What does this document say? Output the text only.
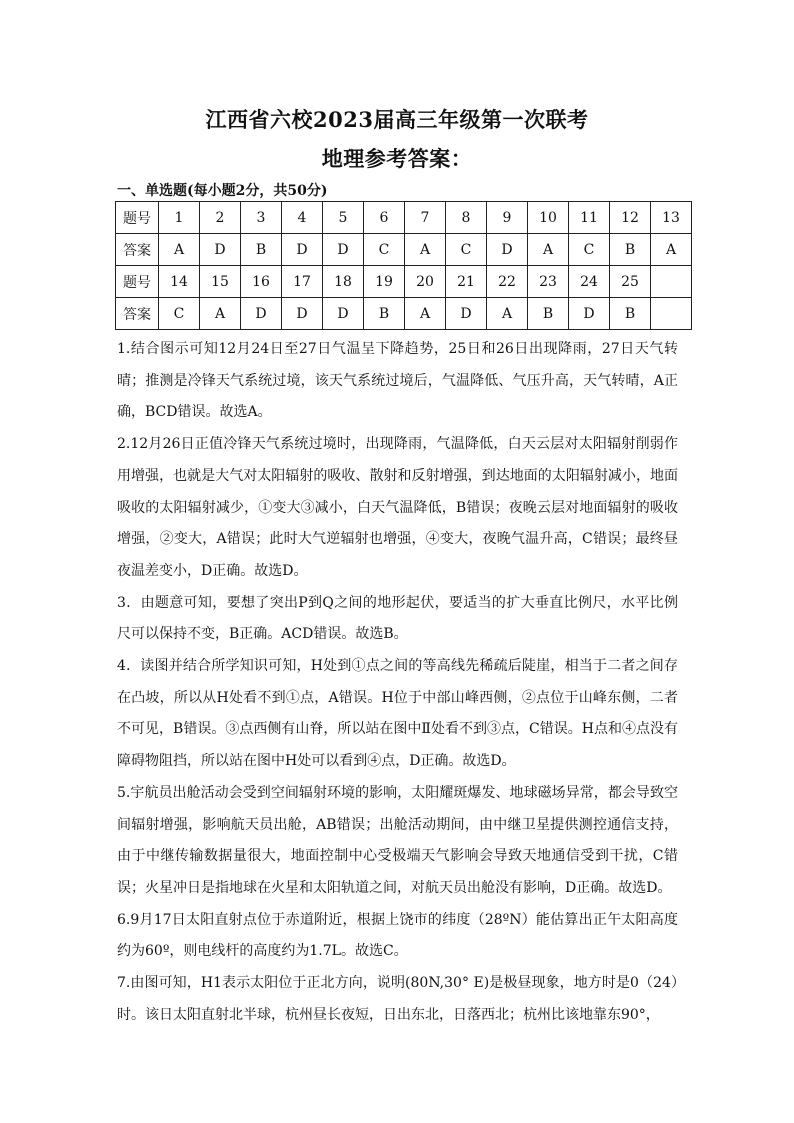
江西省六校2023届高三年级第一次联考
地理参考答案：
一、单选题(每小题2分，共50分)
题号	1	2	3	4	5	6	7	8	9	10	11	12	13
答案	A	D	B	D	D	C	A	C	D	A	C	B	A
题号	14	15	16	17	18	19	20	21	22	23	24	25	
答案	C	A	D	D	D	B	A	D	A	B	D	B	

1.结合图示可知12月24日至27日气温呈下降趋势，25日和26日出现降雨，27日天气转晴；推测是冷锋天气系统过境，该天气系统过境后，气温降低、气压升高，天气转晴，A正确，BCD错误。故选A。

2.12月26日正值冷锋天气系统过境时，出现降雨，气温降低，白天云层对太阳辐射削弱作用增强，也就是大气对太阳辐射的吸收、散射和反射增强，到达地面的太阳辐射减小，地面吸收的太阳辐射减少，①变大③减小，白天气温降低，B错误；夜晚云层对地面辐射的吸收增强，②变大，A错误；此时大气逆辐射也增强，④变大，夜晚气温升高，C错误；最终昼夜温差变小，D正确。故选D。

3．由题意可知，要想了突出P到Q之间的地形起伏，要适当的扩大垂直比例尺，水平比例尺可以保持不变，B正确。ACD错误。故选B。

4．读图并结合所学知识可知，H处到①点之间的等高线先稀疏后陡崖，相当于二者之间存在凸坡，所以从H处看不到①点，A错误。H位于中部山峰西侧，②点位于山峰东侧，二者不可见，B错误。③点西侧有山脊，所以站在图中Ⅱ处看不到③点，C错误。H点和④点没有障碍物阻挡，所以站在图中H处可以看到④点，D正确。故选D。

5.宇航员出舱活动会受到空间辐射环境的影响，太阳耀斑爆发、地球磁场异常，都会导致空间辐射增强，影响航天员出舱，AB错误；出舱活动期间，由中继卫星提供测控通信支持，由于中继传输数据量很大，地面控制中心受极端天气影响会导致天地通信受到干扰，C错误；火星冲日是指地球在火星和太阳轨道之间，对航天员出舱没有影响，D正确。故选D。

6.9月17日太阳直射点位于赤道附近，根据上饶市的纬度（28ºN）能估算出正午太阳高度约为60º，则电线杆的高度约为1.7L。故选C。

7.由图可知，H1表示太阳位于正北方向，说明(80N,30° E)是极昼现象，地方时是0（24）时。该日太阳直射北半球，杭州昼长夜短，日出东北，日落西北；杭州比该地靠东90°，
